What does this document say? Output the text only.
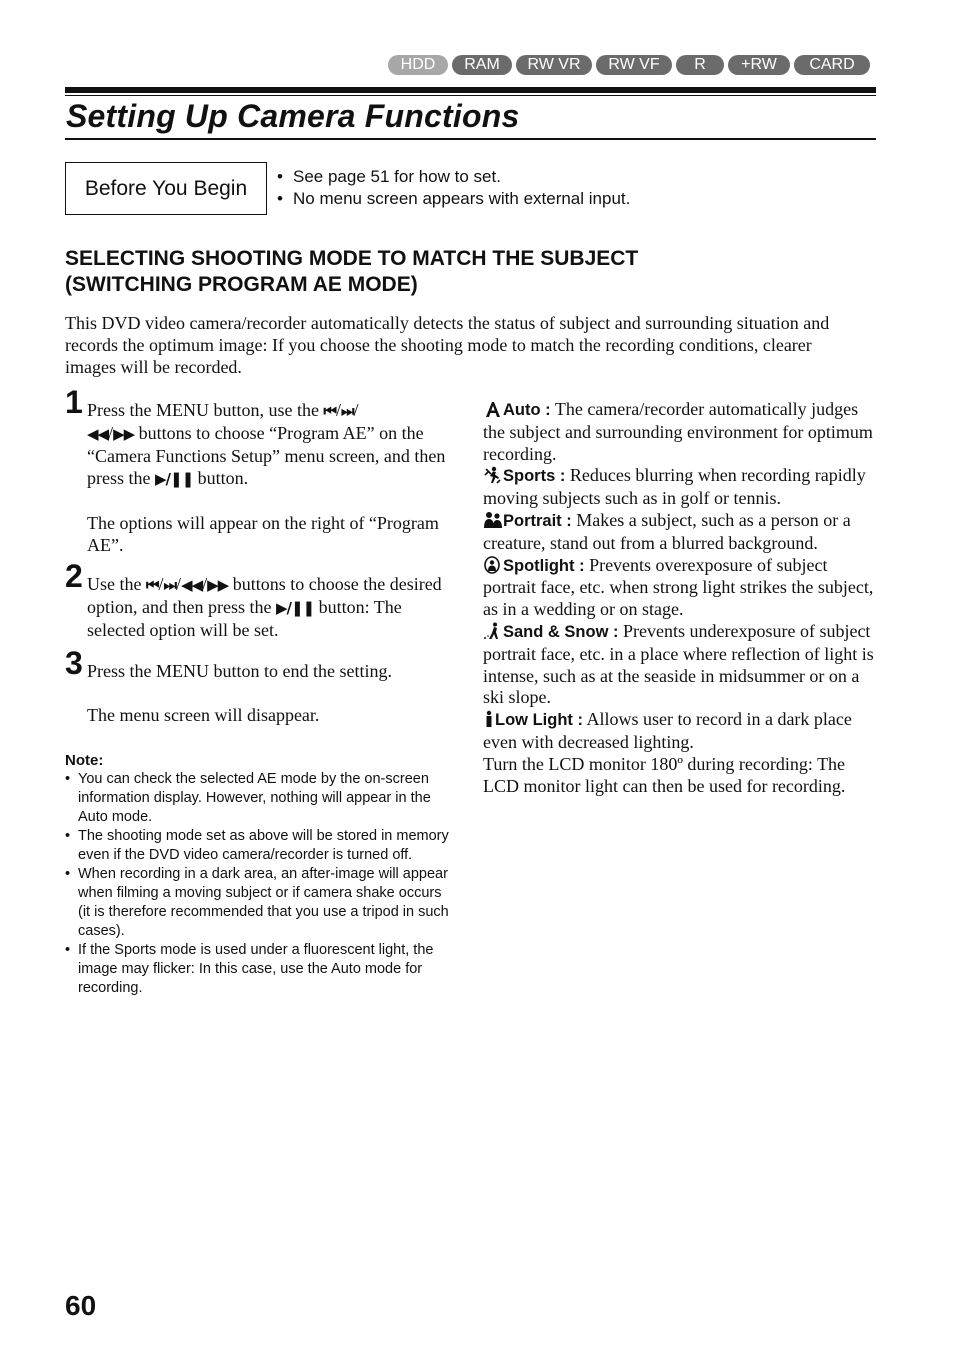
HDD	RAM	RW VR	RW VF	R	+RW	CARD
Setting Up Camera Functions
Before You Begin
• See page 51 for how to set.
• No menu screen appears with external input.
SELECTING SHOOTING MODE TO MATCH THE SUBJECT
(SWITCHING PROGRAM AE MODE)

This DVD video camera/recorder automatically detects the status of subject and surrounding situation and records the optimum image: If you choose the shooting mode to match the recording conditions, clearer images will be recorded.

1 Press the MENU button, use the ⏮/⏭/
◀◀/▶▶ buttons to choose “Program AE” on the “Camera Functions Setup” menu screen, and then press the ▶/❚❚ button.

The options will appear on the right of “Program AE”.

2 Use the ⏮/⏭/◀◀/▶▶ buttons to choose the desired option, and then press the ▶/❚❚ button: The selected option will be set.

3 Press the MENU button to end the setting.

The menu screen will disappear.

Note:

• You can check the selected AE mode by the on-screen information display. However, nothing will appear in the Auto mode.
• The shooting mode set as above will be stored in memory even if the DVD video camera/recorder is turned off.
• When recording in a dark area, an after-image will appear when filming a moving subject or if camera shake occurs (it is therefore recommended that you use a tripod in such cases).
• If the Sports mode is used under a fluorescent light, the image may flicker: In this case, use the Auto mode for recording.

Auto : The camera/recorder automatically judges the subject and surrounding environment for optimum recording.

Sports : Reduces blurring when recording rapidly moving subjects such as in golf or tennis.

Portrait : Makes a subject, such as a person or a creature, stand out from a blurred background.

Spotlight : Prevents overexposure of subject portrait face, etc. when strong light strikes the subject, as in a wedding or on stage.

Sand & Snow : Prevents underexposure of subject portrait face, etc. in a place where reflection of light is intense, such as at the seaside in midsummer or on a ski slope.

Low Light : Allows user to record in a dark place even with decreased lighting.

Turn the LCD monitor 180º during recording: The LCD monitor light can then be used for recording.

60
